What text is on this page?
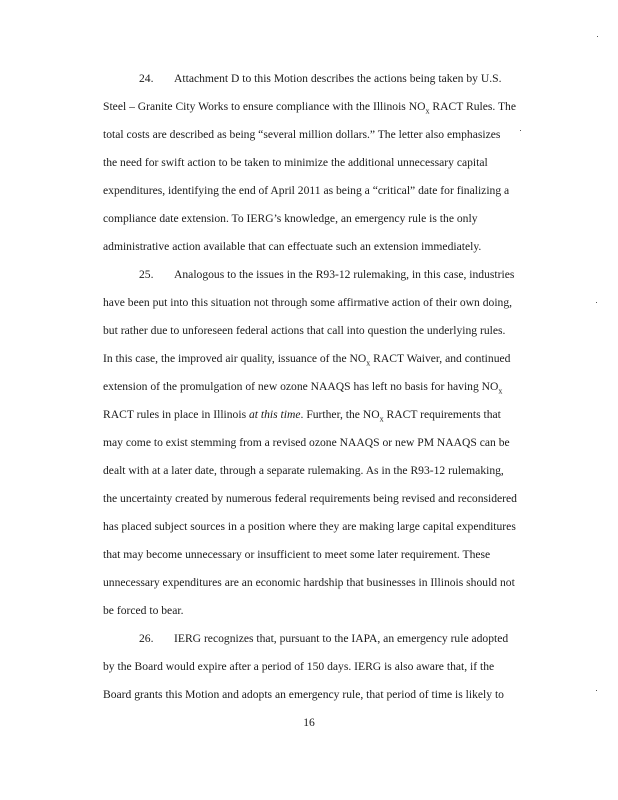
24. Attachment D to this Motion describes the actions being taken by U.S.
Steel – Granite City Works to ensure compliance with the Illinois $NO_x$ RACT Rules. The
total costs are described as being “several million dollars.” The letter also emphasizes
the need for swift action to be taken to minimize the additional unnecessary capital
expenditures, identifying the end of April 2011 as being a “critical” date for finalizing a
compliance date extension. To IERG’s knowledge, an emergency rule is the only
administrative action available that can effectuate such an extension immediately.
25. Analogous to the issues in the R93-12 rulemaking, in this case, industries
have been put into this situation not through some affirmative action of their own doing,
but rather due to unforeseen federal actions that call into question the underlying rules.
In this case, the improved air quality, issuance of the $NO_x$ RACT Waiver, and continued
extension of the promulgation of new ozone NAAQS has left no basis for having $NO_x$
RACT rules in place in Illinois at this time. Further, the $NO_x$ RACT requirements that
may come to exist stemming from a revised ozone NAAQS or new PM NAAQS can be
dealt with at a later date, through a separate rulemaking. As in the R93-12 rulemaking,
the uncertainty created by numerous federal requirements being revised and reconsidered
has placed subject sources in a position where they are making large capital expenditures
that may become unnecessary or insufficient to meet some later requirement. These
unnecessary expenditures are an economic hardship that businesses in Illinois should not
be forced to bear.
26. IERG recognizes that, pursuant to the IAPA, an emergency rule adopted
by the Board would expire after a period of 150 days. IERG is also aware that, if the
Board grants this Motion and adopts an emergency rule, that period of time is likely to
16
